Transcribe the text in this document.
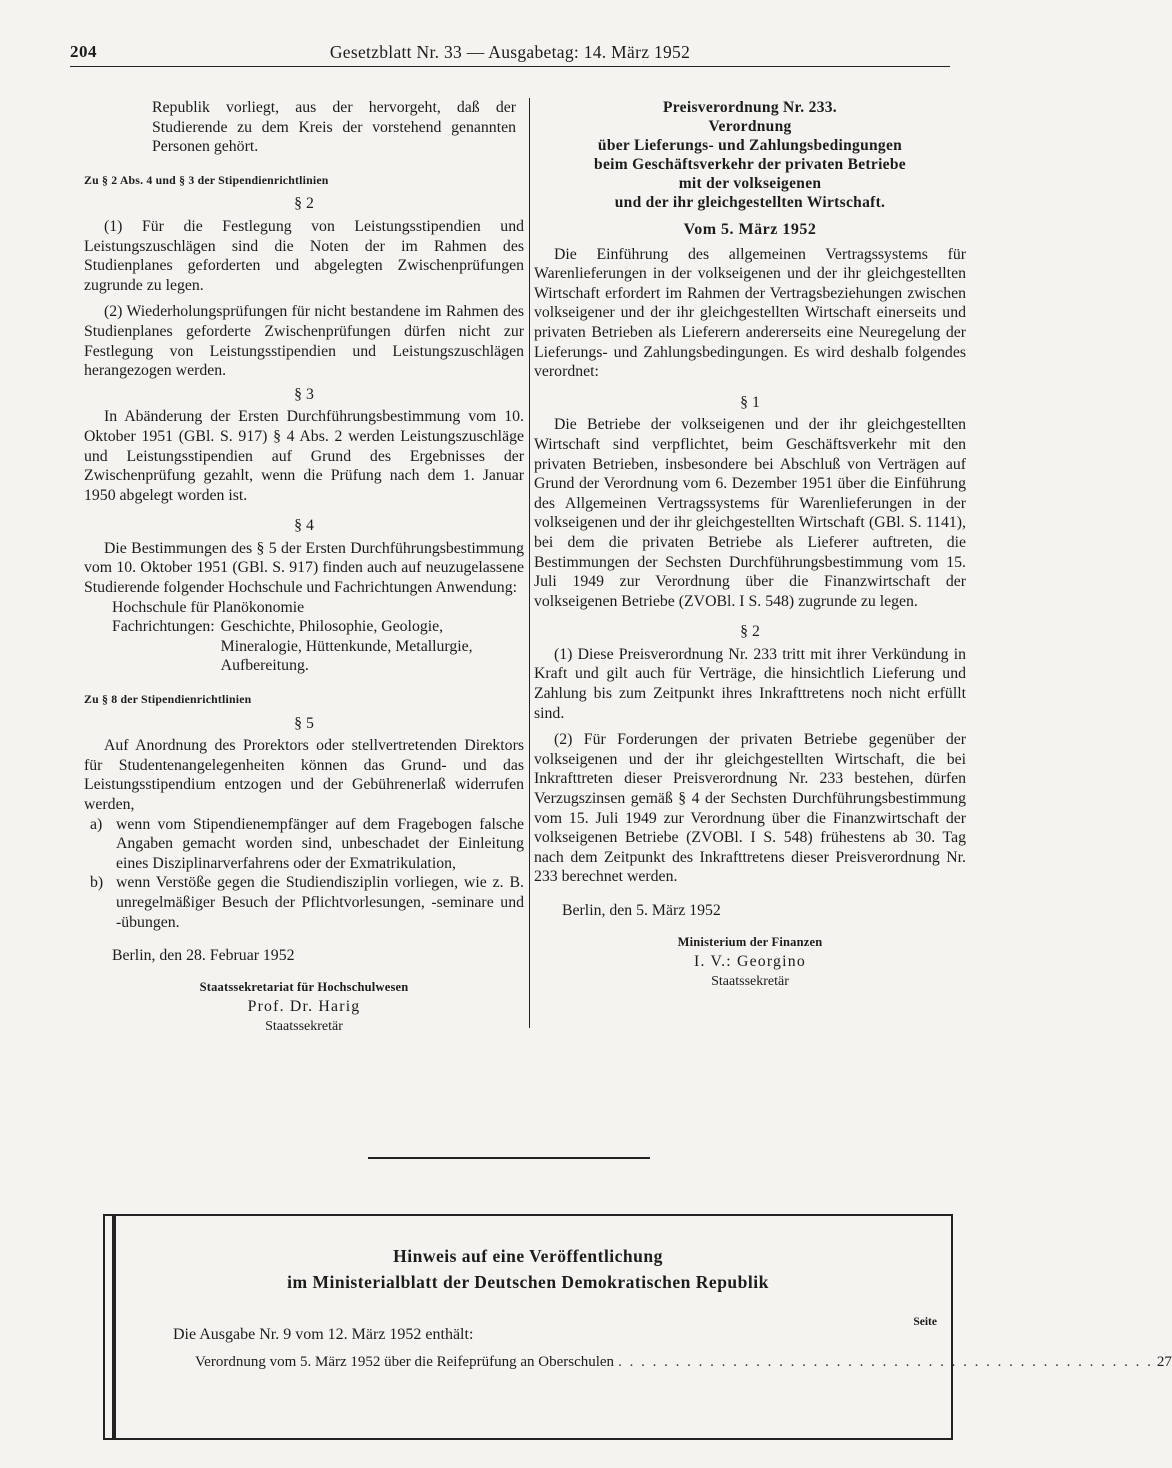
204	Gesetzblatt Nr. 33 — Ausgabetag: 14. März 1952

Republik vorliegt, aus der hervorgeht, daß der Studierende zu dem Kreis der vorstehend genannten Personen gehört.

Zu § 2 Abs. 4 und § 3 der Stipendienrichtlinien
§ 2

(1) Für die Festlegung von Leistungsstipendien und Leistungszuschlägen sind die Noten der im Rahmen des Studienplanes geforderten und abgelegten Zwischenprüfungen zugrunde zu legen.

(2) Wiederholungsprüfungen für nicht bestandene im Rahmen des Studienplanes geforderte Zwischenprüfungen dürfen nicht zur Festlegung von Leistungsstipendien und Leistungszuschlägen herangezogen werden.

§ 3

In Abänderung der Ersten Durchführungsbestimmung vom 10. Oktober 1951 (GBl. S. 917) § 4 Abs. 2 werden Leistungszuschläge und Leistungsstipendien auf Grund des Ergebnisses der Zwischenprüfung gezahlt, wenn die Prüfung nach dem 1. Januar 1950 abgelegt worden ist.

§ 4

Die Bestimmungen des § 5 der Ersten Durchführungsbestimmung vom 10. Oktober 1951 (GBl. S. 917) finden auch auf neuzugelassene Studierende folgender Hochschule und Fachrichtungen Anwendung:

Hochschule für Planökonomie

Fachrichtungen: Geschichte, Philosophie, Geologie, Mineralogie, Hüttenkunde, Metallurgie, Aufbereitung.
Zu § 8 der Stipendienrichtlinien
§ 5

Auf Anordnung des Prorektors oder stellvertretenden Direktors für Studentenangelegenheiten können das Grund- und das Leistungsstipendium entzogen und der Gebührenerlaß widerrufen werden,

a) wenn vom Stipendienempfänger auf dem Fragebogen falsche Angaben gemacht worden sind, unbeschadet der Einleitung eines Disziplinarverfahrens oder der Exmatrikulation,
b) wenn Verstöße gegen die Studiendisziplin vorliegen, wie z. B. unregelmäßiger Besuch der Pflichtvorlesungen, -seminare und -übungen.
Berlin, den 28. Februar 1952
Staatssekretariat für Hochschulwesen
Prof. Dr. Harig
Staatssekretär
Preisverordnung Nr. 233.
Verordnung
über Lieferungs- und Zahlungsbedingungen
beim Geschäftsverkehr der privaten Betriebe
mit der volkseigenen
und der ihr gleichgestellten Wirtschaft.
Vom 5. März 1952

Die Einführung des allgemeinen Vertragssystems für Warenlieferungen in der volkseigenen und der ihr gleichgestellten Wirtschaft erfordert im Rahmen der Vertragsbeziehungen zwischen volkseigener und der ihr gleichgestellten Wirtschaft einerseits und privaten Betrieben als Lieferern andererseits eine Neuregelung der Lieferungs- und Zahlungsbedingungen. Es wird deshalb folgendes verordnet:

§ 1

Die Betriebe der volkseigenen und der ihr gleichgestellten Wirtschaft sind verpflichtet, beim Geschäftsverkehr mit den privaten Betrieben, insbesondere bei Abschluß von Verträgen auf Grund der Verordnung vom 6. Dezember 1951 über die Einführung des Allgemeinen Vertragssystems für Warenlieferungen in der volkseigenen und der ihr gleichgestellten Wirtschaft (GBl. S. 1141), bei dem die privaten Betriebe als Lieferer auftreten, die Bestimmungen der Sechsten Durchführungsbestimmung vom 15. Juli 1949 zur Verordnung über die Finanzwirtschaft der volkseigenen Betriebe (ZVOBl. I S. 548) zugrunde zu legen.

§ 2

(1) Diese Preisverordnung Nr. 233 tritt mit ihrer Verkündung in Kraft und gilt auch für Verträge, die hinsichtlich Lieferung und Zahlung bis zum Zeitpunkt ihres Inkrafttretens noch nicht erfüllt sind.

(2) Für Forderungen der privaten Betriebe gegenüber der volkseigenen und der ihr gleichgestellten Wirtschaft, die bei Inkrafttreten dieser Preisverordnung Nr. 233 bestehen, dürfen Verzugszinsen gemäß § 4 der Sechsten Durchführungsbestimmung vom 15. Juli 1949 zur Verordnung über die Finanzwirtschaft der volkseigenen Betriebe (ZVOBl. I S. 548) frühestens ab 30. Tag nach dem Zeitpunkt des Inkrafttretens dieser Preisverordnung Nr. 233 berechnet werden.

Berlin, den 5. März 1952
Ministerium der Finanzen
I. V.: Georgino
Staatssekretär
Hinweis auf eine Veröffentlichung
im Ministerialblatt der Deutschen Demokratischen Republik
Seite
Die Ausgabe Nr. 9 vom 12. März 1952 enthält:
Verordnung vom 5. März 1952 über die Reifeprüfung an Oberschulen . . . . . . . . . . . . . . . . . . . . . . . . . . . . . . . . . . . . . . . . . . . . . . . 27
